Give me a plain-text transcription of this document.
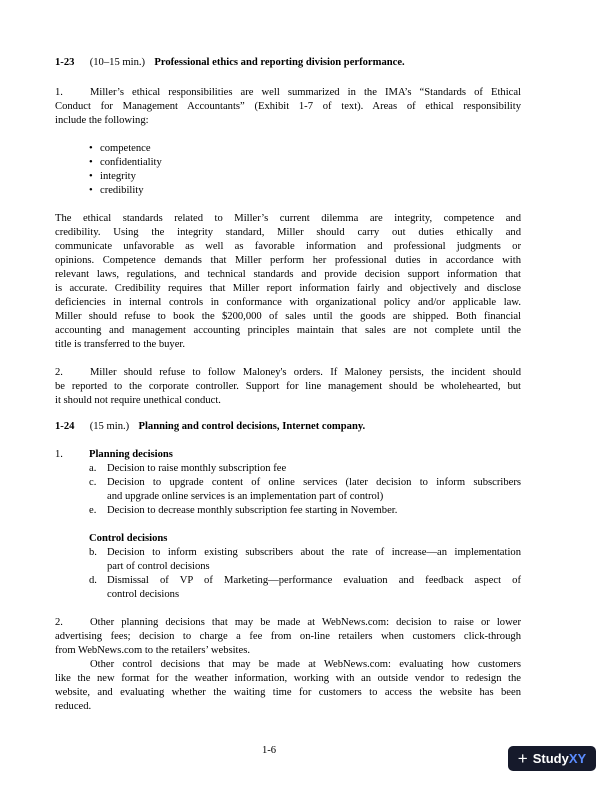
1-23 (10–15 min.) Professional ethics and reporting division performance.
1.	Miller’s ethical responsibilities are well summarized in the IMA’s “Standards of Ethical
Conduct for Management Accountants” (Exhibit 1-7 of text). Areas of ethical responsibility
include the following:
• competence
• confidentiality
• integrity
• credibility
The ethical standards related to Miller’s current dilemma are integrity, competence and
credibility. Using the integrity standard, Miller should carry out duties ethically and
communicate unfavorable as well as favorable information and professional judgments or
opinions. Competence demands that Miller perform her professional duties in accordance with
relevant laws, regulations, and technical standards and provide decision support information that
is accurate. Credibility requires that Miller report information fairly and objectively and disclose
deficiencies in internal controls in conformance with organizational policy and/or applicable law.
Miller should refuse to book the $200,000 of sales until the goods are shipped. Both financial
accounting and management accounting principles maintain that sales are not complete until the
title is transferred to the buyer.
2.	Miller should refuse to follow Maloney's orders. If Maloney persists, the incident should
be reported to the corporate controller. Support for line management should be wholehearted, but
it should not require unethical conduct.
1-24 (15 min.) Planning and control decisions, Internet company.
1. Planning decisions
a. Decision to raise monthly subscription fee
c. Decision to upgrade content of online services (later decision to inform subscribers
and upgrade online services is an implementation part of control)
e. Decision to decrease monthly subscription fee starting in November.
Control decisions
b. Decision to inform existing subscribers about the rate of increase—an implementation
part of control decisions
d. Dismissal of VP of Marketing—performance evaluation and feedback aspect of
control decisions
2.	Other planning decisions that may be made at WebNews.com: decision to raise or lower
advertising fees; decision to charge a fee from on-line retailers when customers click-through
from WebNews.com to the retailers’ websites.
Other control decisions that may be made at WebNews.com: evaluating how customers
like the new format for the weather information, working with an outside vendor to redesign the
website, and evaluating whether the waiting time for customers to access the website has been
reduced.
1-6	+ StudyXY
